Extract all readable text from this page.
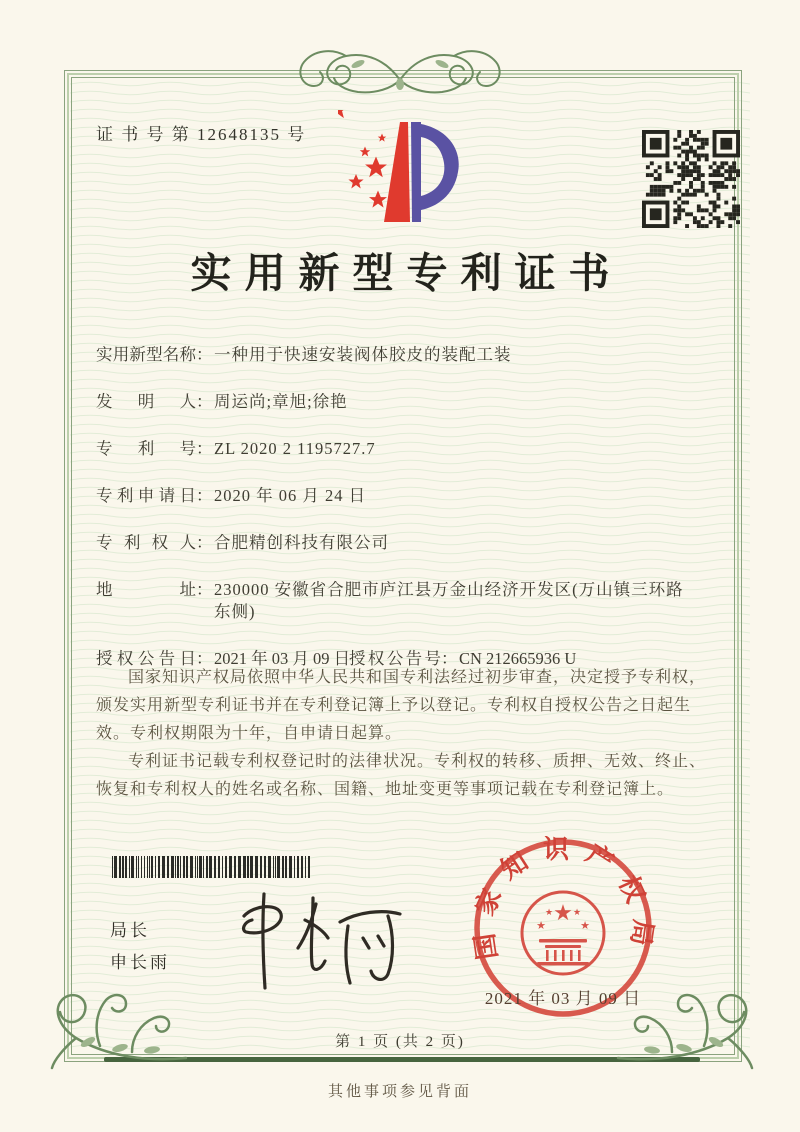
证 书 号 第 12648135 号
实用新型专利证书
实用新型名称：一种用于快速安装阀体胶皮的装配工装
发明人：周运尚;章旭;徐艳
专利号：ZL 2020 2 1195727.7
专利申请日：2020 年 06 月 24 日
专利权人：合肥精创科技有限公司
地址：230000 安徽省合肥市庐江县万金山经济开发区(万山镇三环路东侧)
授权公告日：2021 年 03 月 09 日
授权公告号：CN 212665936 U

国家知识产权局依照中华人民共和国专利法经过初步审查，决定授予专利权，颁发实用新型专利证书并在专利登记簿上予以登记。专利权自授权公告之日起生效。专利权期限为十年，自申请日起算。

专利证书记载专利权登记时的法律状况。专利权的转移、质押、无效、终止、恢复和专利权人的姓名或名称、国籍、地址变更等事项记载在专利登记簿上。

局长
申长雨
国家知识产权局
★
★	★
★ ★
2021 年 03 月 09 日
第 1 页 (共 2 页)
其他事项参见背面
